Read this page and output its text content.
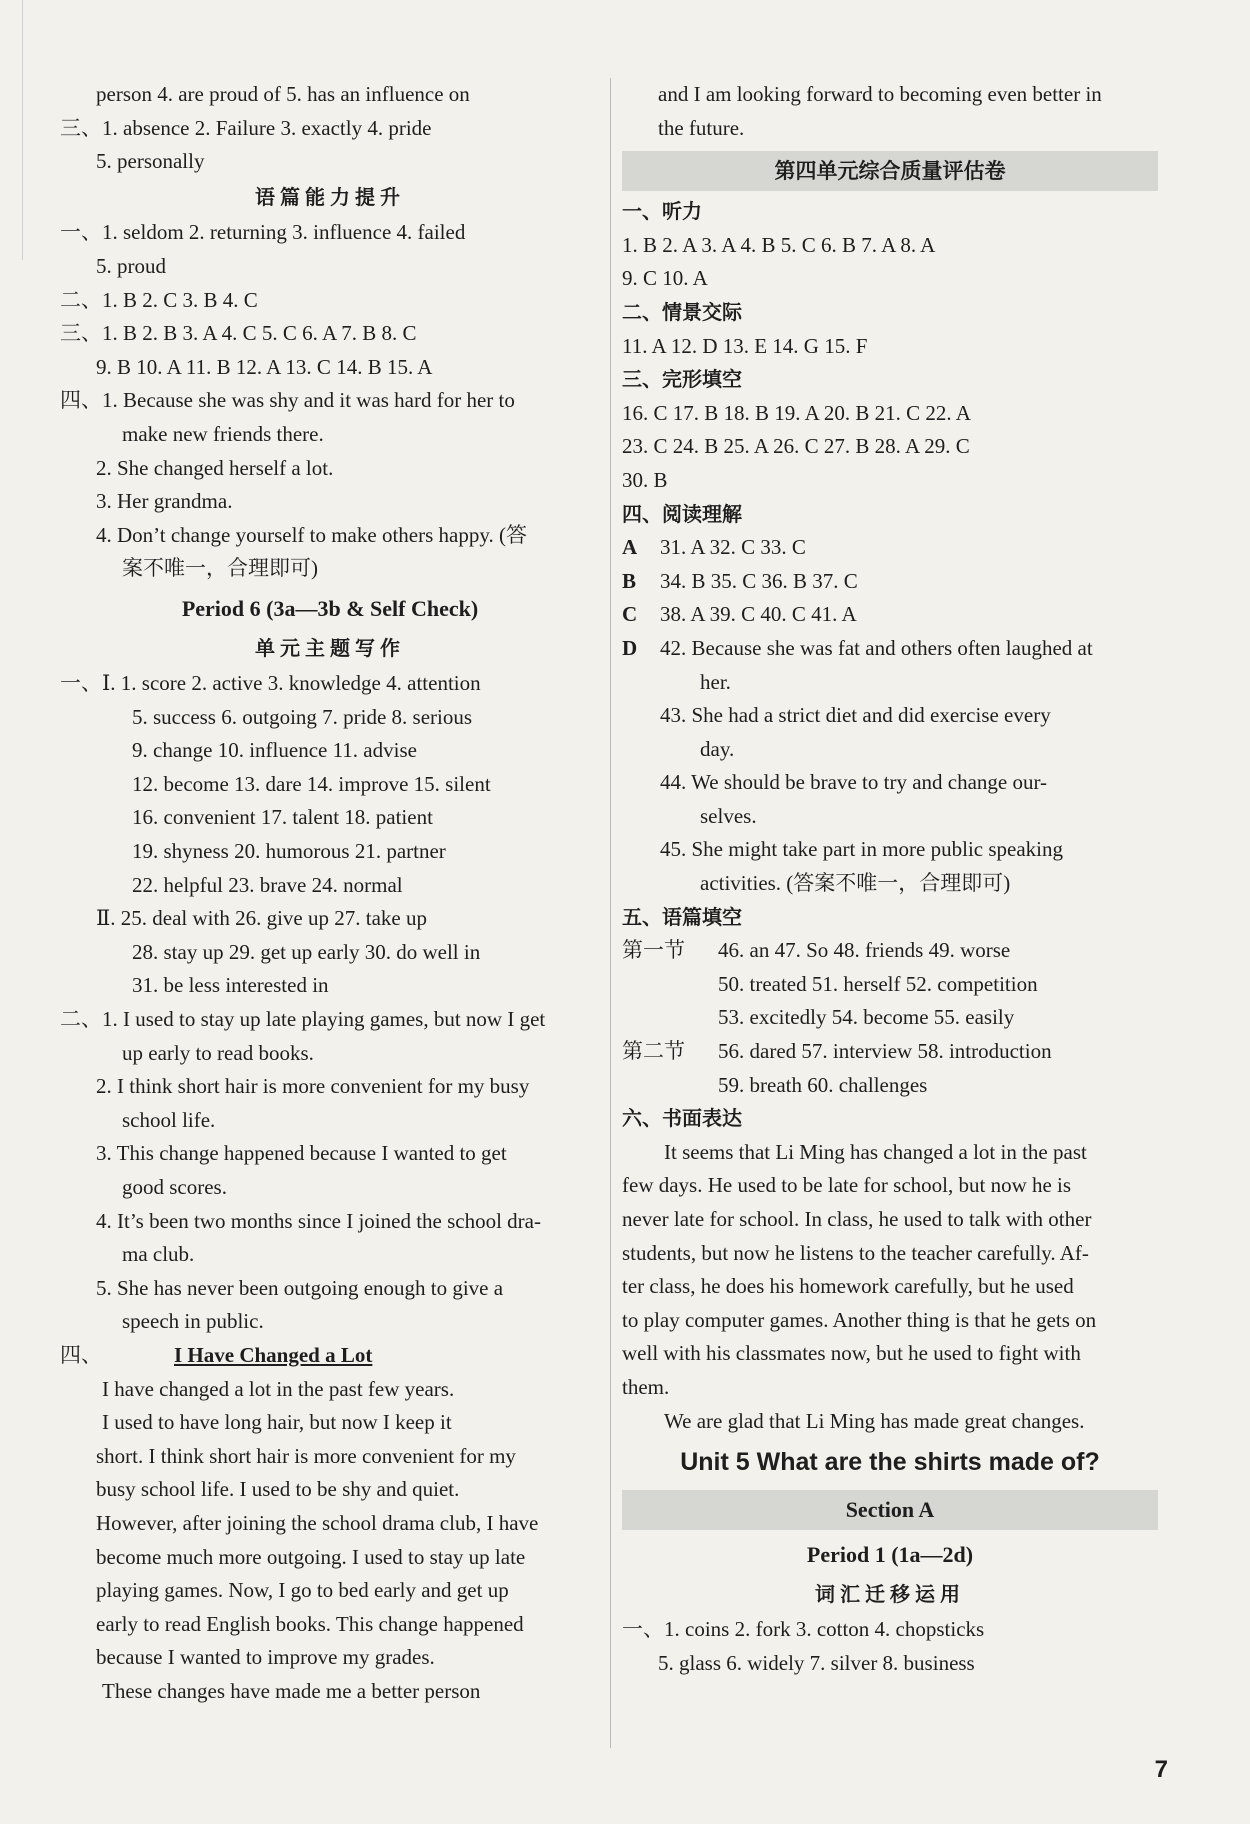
person 4. are proud of 5. has an influence on
三、1. absence 2. Failure 3. exactly 4. pride
5. personally
语篇能力提升
一、1. seldom 2. returning 3. influence 4. failed
5. proud
二、1. B 2. C 3. B 4. C
三、1. B 2. B 3. A 4. C 5. C 6. A 7. B 8. C
9. B 10. A 11. B 12. A 13. C 14. B 15. A
四、1. Because she was shy and it was hard for her to
make new friends there.
2. She changed herself a lot.
3. Her grandma.
4. Don’t change yourself to make others happy. (答
案不唯一，合理即可)
Period 6 (3a—3b & Self Check)
单元主题写作
一、Ⅰ. 1. score 2. active 3. knowledge 4. attention
5. success 6. outgoing 7. pride 8. serious
9. change 10. influence 11. advise
12. become 13. dare 14. improve 15. silent
16. convenient 17. talent 18. patient
19. shyness 20. humorous 21. partner
22. helpful 23. brave 24. normal
Ⅱ. 25. deal with 26. give up 27. take up
28. stay up 29. get up early 30. do well in
31. be less interested in
二、1. I used to stay up late playing games, but now I get
up early to read books.
2. I think short hair is more convenient for my busy
school life.
3. This change happened because I wanted to get
good scores.
4. It’s been two months since I joined the school dra-
ma club.
5. She has never been outgoing enough to give a
speech in public.
四、	I Have Changed a Lot
I have changed a lot in the past few years.
I used to have long hair, but now I keep it
short. I think short hair is more convenient for my
busy school life. I used to be shy and quiet.
However, after joining the school drama club, I have
become much more outgoing. I used to stay up late
playing games. Now, I go to bed early and get up
early to read English books. This change happened
because I wanted to improve my grades.
These changes have made me a better person
and I am looking forward to becoming even better in
the future.
第四单元综合质量评估卷
一、听力
1. B 2. A 3. A 4. B 5. C 6. B 7. A 8. A
9. C 10. A
二、情景交际
11. A 12. D 13. E 14. G 15. F
三、完形填空
16. C 17. B 18. B 19. A 20. B 21. C 22. A
23. C 24. B 25. A 26. C 27. B 28. A 29. C
30. B
四、阅读理解
A 31. A 32. C 33. C
B 34. B 35. C 36. B 37. C
C 38. A 39. C 40. C 41. A
D 42. Because she was fat and others often laughed at
her.
43. She had a strict diet and did exercise every
day.
44. We should be brave to try and change our-
selves.
45. She might take part in more public speaking
activities. (答案不唯一，合理即可)
五、语篇填空
第一节 46. an 47. So 48. friends 49. worse
50. treated 51. herself 52. competition
53. excitedly 54. become 55. easily
第二节 56. dared 57. interview 58. introduction
59. breath 60. challenges
六、书面表达
It seems that Li Ming has changed a lot in the past
few days. He used to be late for school, but now he is
never late for school. In class, he used to talk with other
students, but now he listens to the teacher carefully. Af-
ter class, he does his homework carefully, but he used
to play computer games. Another thing is that he gets on
well with his classmates now, but he used to fight with
them.
We are glad that Li Ming has made great changes.
Unit 5 What are the shirts made of?
Section A
Period 1 (1a—2d)
词汇迁移运用
一、1. coins 2. fork 3. cotton 4. chopsticks
5. glass 6. widely 7. silver 8. business
7
